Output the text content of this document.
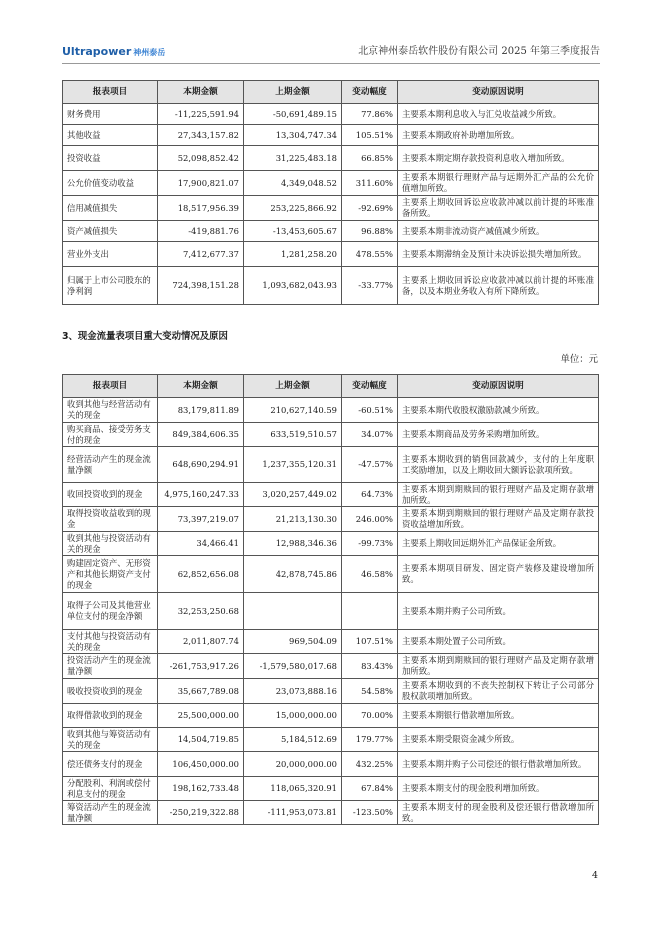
Ultrapower 神州泰岳	北京神州泰岳软件股份有限公司 2025 年第三季度报告
报表项目	本期金额	上期金额	变动幅度	变动原因说明
财务费用	-11,225,591.94	-50,691,489.15	77.86%	主要系本期利息收入与汇兑收益减少所致。
其他收益	27,343,157.82	13,304,747.34	105.51%	主要系本期政府补助增加所致。
投资收益	52,098,852.42	31,225,483.18	66.85%	主要系本期定期存款投资利息收入增加所致。
公允价值变动收益	17,900,821.07	4,349,048.52	311.60%	主要系本期银行理财产品与远期外汇产品的公允价值增加所致。
信用减值损失	18,517,956.39	253,225,866.92	-92.69%	主要系上期收回诉讼应收款冲减以前计提的坏账准备所致。
资产减值损失	-419,881.76	-13,453,605.67	96.88%	主要系本期非流动资产减值减少所致。
营业外支出	7,412,677.37	1,281,258.20	478.55%	主要系本期滞纳金及预计未决诉讼损失增加所致。
归属于上市公司股东的净利润	724,398,151.28	1,093,682,043.93	-33.77%	主要系上期收回诉讼应收款冲减以前计提的坏账准备，以及本期业务收入有所下降所致。
3、现金流量表项目重大变动情况及原因
单位：元
报表项目	本期金额	上期金额	变动幅度	变动原因说明
收到其他与经营活动有关的现金	83,179,811.89	210,627,140.59	-60.51%	主要系本期代收股权激励款减少所致。
购买商品、接受劳务支付的现金	849,384,606.35	633,519,510.57	34.07%	主要系本期商品及劳务采购增加所致。
经营活动产生的现金流量净额	648,690,294.91	1,237,355,120.31	-47.57%	主要系本期收到的销售回款减少，支付的上年度职工奖励增加，以及上期收回大额诉讼款项所致。
收回投资收到的现金	4,975,160,247.33	3,020,257,449.02	64.73%	主要系本期到期赎回的银行理财产品及定期存款增加所致。
取得投资收益收到的现金	73,397,219.07	21,213,130.30	246.00%	主要系本期到期赎回的银行理财产品及定期存款投资收益增加所致。
收到其他与投资活动有关的现金	34,466.41	12,988,346.36	-99.73%	主要系上期收回远期外汇产品保证金所致。
购建固定资产、无形资产和其他长期资产支付的现金	62,852,656.08	42,878,745.86	46.58%	主要系本期项目研发、固定资产装修及建设增加所致。
取得子公司及其他营业单位支付的现金净额	32,253,250.68			主要系本期并购子公司所致。
支付其他与投资活动有关的现金	2,011,807.74	969,504.09	107.51%	主要系本期处置子公司所致。
投资活动产生的现金流量净额	-261,753,917.26	-1,579,580,017.68	83.43%	主要系本期到期赎回的银行理财产品及定期存款增加所致。
吸收投资收到的现金	35,667,789.08	23,073,888.16	54.58%	主要系本期收到的不丧失控制权下转让子公司部分股权款项增加所致。
取得借款收到的现金	25,500,000.00	15,000,000.00	70.00%	主要系本期银行借款增加所致。
收到其他与筹资活动有关的现金	14,504,719.85	5,184,512.69	179.77%	主要系本期受限资金减少所致。
偿还债务支付的现金	106,450,000.00	20,000,000.00	432.25%	主要系本期并购子公司偿还的银行借款增加所致。
分配股利、利润或偿付利息支付的现金	198,162,733.48	118,065,320.91	67.84%	主要系本期支付的现金股利增加所致。
筹资活动产生的现金流量净额	-250,219,322.88	-111,953,073.81	-123.50%	主要系本期支付的现金股利及偿还银行借款增加所致。
4
